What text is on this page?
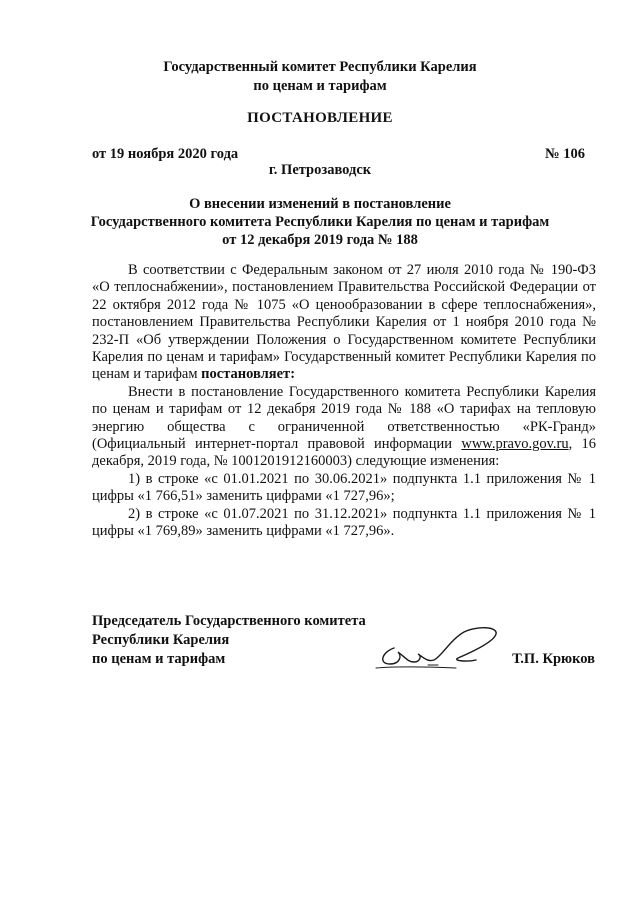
Государственный комитет Республики Карелия
по ценам и тарифам
ПОСТАНОВЛЕНИЕ
от 19 ноября 2020 года	№ 106
г. Петрозаводск
О внесении изменений в постановление
Государственного комитета Республики Карелия по ценам и тарифам
от 12 декабря 2019 года № 188

В соответствии с Федеральным законом от 27 июля 2010 года № 190-ФЗ «О теплоснабжении», постановлением Правительства Российской Федерации от 22 октября 2012 года № 1075 «О ценообразовании в сфере теплоснабжения», постановлением Правительства Республики Карелия от 1 ноября 2010 года № 232-П «Об утверждении Положения о Государственном комитете Республики Карелия по ценам и тарифам» Государственный комитет Республики Карелия по ценам и тарифам постановляет:

Внести в постановление Государственного комитета Республики Карелия по ценам и тарифам от 12 декабря 2019 года № 188 «О тарифах на тепловую энергию общества с ограниченной ответственностью «РК-Гранд» (Официальный интернет-портал правовой информации www.pravo.gov.ru, 16 декабря, 2019 года, № 1001201912160003) следующие изменения:

1) в строке «с 01.01.2021 по 30.06.2021» подпункта 1.1 приложения № 1 цифры «1 766,51» заменить цифрами «1 727,96»;

2) в строке «с 01.07.2021 по 31.12.2021» подпункта 1.1 приложения № 1 цифры «1 769,89» заменить цифрами «1 727,96».

Председатель Государственного комитета
Республики Карелия
по ценам и тарифам	Т.П. Крюков
